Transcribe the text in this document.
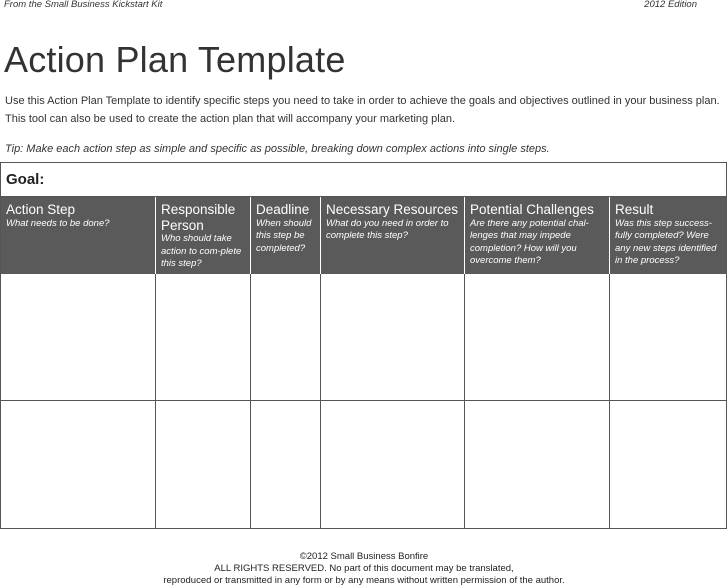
From the Small Business Kickstart Kit	2012 Edition
Action Plan Template
Use this Action Plan Template to identify specific steps you need to take in order to achieve the goals and objectives outlined in your business plan.
This tool can also be used to create the action plan that will accompany your marketing plan.
Tip: Make each action step as simple and specific as possible, breaking down complex actions into single steps.
Goal:
Action Step
What needs to be done?
Responsible Person
Who should take action to com-plete this step?
Deadline
When should this step be completed?
Necessary Resources
What do you need in order to complete this step?
Potential Challenges
Are there any potential chal-lenges that may impede completion? How will you overcome them?
Result
Was this step success-fully completed? Were any new steps identified in the process?
©2012 Small Business Bonfire
ALL RIGHTS RESERVED. No part of this document may be translated,
reproduced or transmitted in any form or by any means without written permission of the author.
